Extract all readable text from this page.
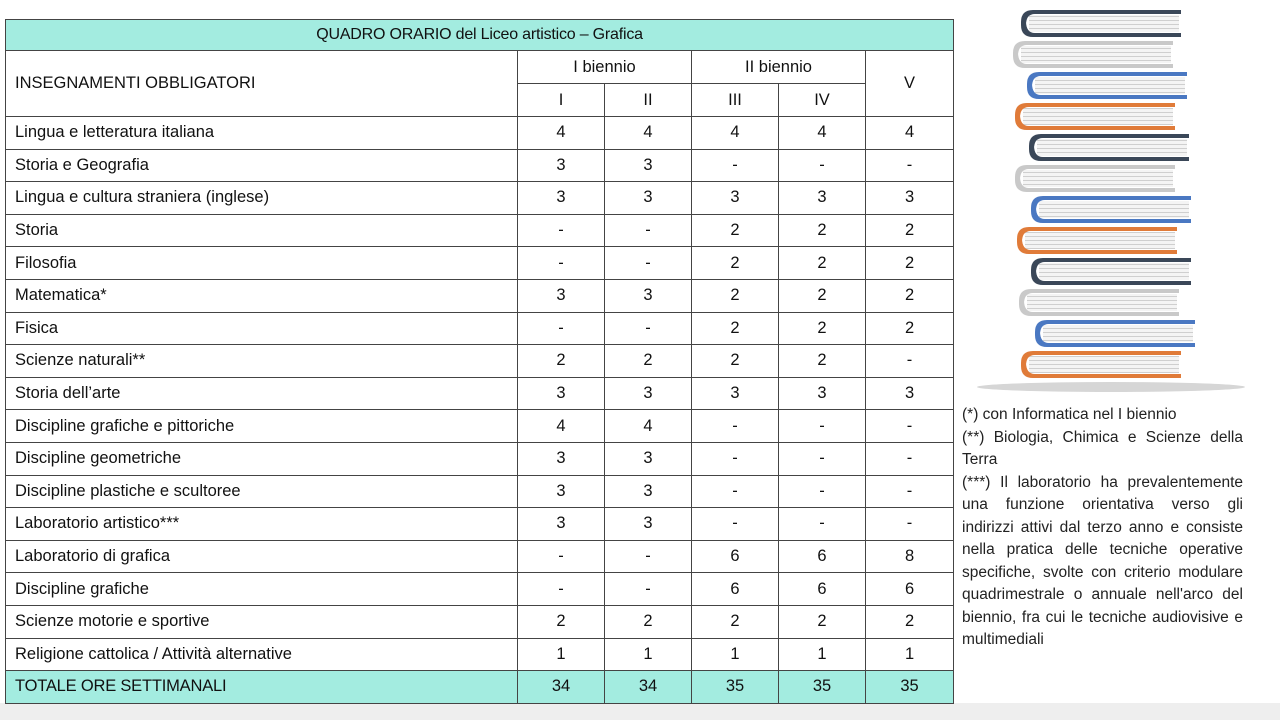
QUADRO ORARIO del Liceo artistico – Grafica					
INSEGNAMENTI OBBLIGATORI	I biennio		II biennio		V
	I	II	III	IV	
Lingua e letteratura italiana	4	4	4	4	4
Storia e Geografia	3	3	-	-	-
Lingua e cultura straniera (inglese)	3	3	3	3	3
Storia	-	-	2	2	2
Filosofia	-	-	2	2	2
Matematica*	3	3	2	2	2
Fisica	-	-	2	2	2
Scienze naturali**	2	2	2	2	-
Storia dell’arte	3	3	3	3	3
Discipline grafiche e pittoriche	4	4	-	-	-
Discipline geometriche	3	3	-	-	-
Discipline plastiche e scultoree	3	3	-	-	-
Laboratorio artistico***	3	3	-	-	-
Laboratorio di grafica	-	-	6	6	8
Discipline grafiche	-	-	6	6	6
Scienze motorie e sportive	2	2	2	2	2
Religione cattolica / Attività alternative	1	1	1	1	1
TOTALE ORE SETTIMANALI	34	34	35	35	35

(*) con Informatica nel I biennio

(**) Biologia, Chimica e Scienze della Terra

(***) Il laboratorio ha prevalentemente una funzione orientativa verso gli indirizzi attivi dal terzo anno e consiste nella pratica delle tecniche operative specifiche, svolte con criterio modulare quadrimestrale o annuale nell'arco del biennio, fra cui le tecniche audiovisive e multimediali
